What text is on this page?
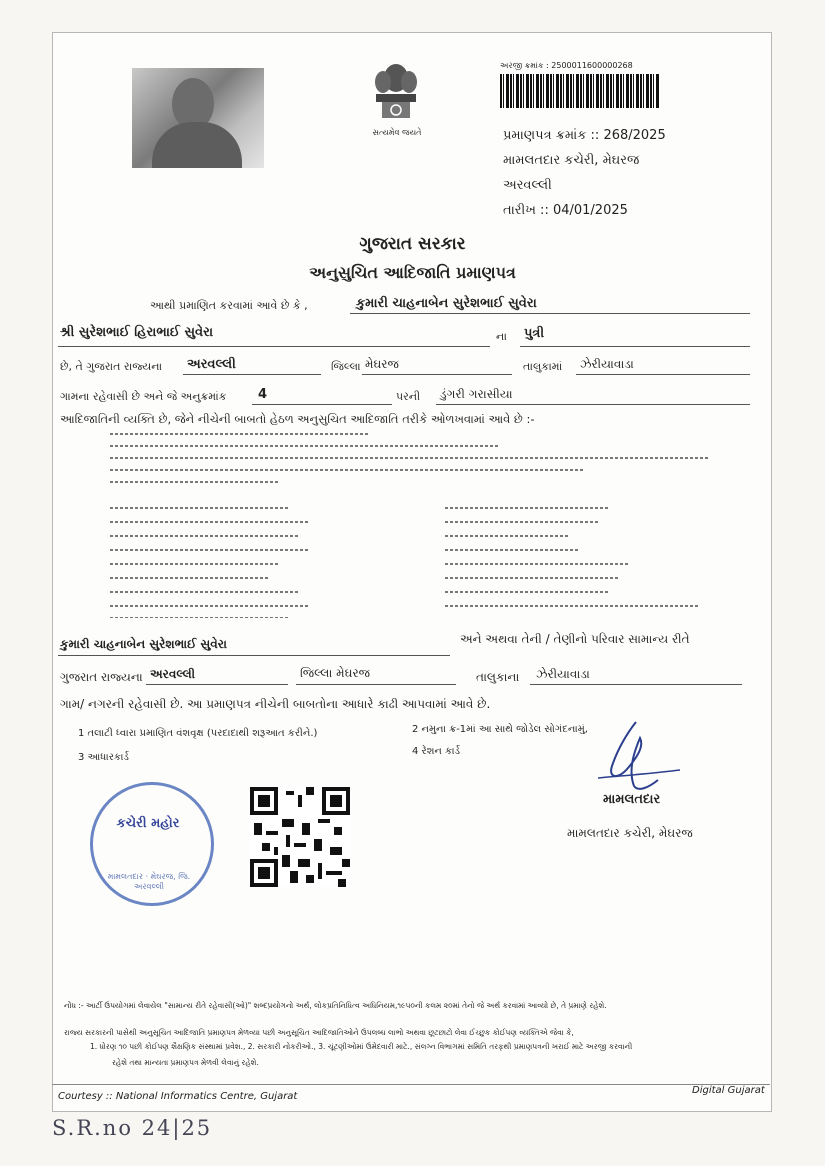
સત્યમેવ જયતે
અરજી ક્રમાંક : 2500011600000268
પ્રમાણપત્ર ક્રમાંક :: 268/2025
મામલતદાર કચેરી, મેઘરજ
અરવલ્લી
તારીખ :: 04/01/2025
ગુજરાત સરકાર
અનુસુચિત આદિજાતિ પ્રમાણપત્ર
આથી પ્રમાણિત કરવામાં આવે છે કે ,	કુમારી ચાહનાબેન સુરેશભાઈ સુવેરા
શ્રી સુરેશભાઈ હિરાભાઈ સુવેરા	ના પુત્રી
છે, તે ગુજરાત રાજ્યના અરવલ્લી	જિલ્લા મેઘરજ	તાલુકામાં ઝેરીયાવાડા
ગામના રહેવાસી છે અને જે અનુક્રમાંક 4	પરની ડુંગરી ગરાસીયા
આદિજાતિની વ્યક્તિ છે, જેને નીચેની બાબતો હેઠળ અનુસુચિત આદિજાતિ તરીકે ઓળખવામાં આવે છે :-
કુમારી ચાહનાબેન સુરેશભાઈ સુવેરા	અને અથવા તેની / તેણીનો પરિવાર સામાન્ય રીતે
ગુજરાત રાજ્યના અરવલ્લી	જિલ્લા મેઘરજ	તાલુકાના ઝેરીયાવાડા
ગામ/ નગરની રહેવાસી છે. આ પ્રમાણપત્ર નીચેની બાબતોના આધારે કાઢી આપવામાં આવે છે.
1 તલાટી ધ્વારા પ્રમાણિત વંશવૃક્ષ (પરદાદાથી શરૂઆત કરીને.)	2 નમુના ક્ર-1માં આ સાથે જોડેલ સોગંદનામું,
3 આધારકાર્ડ
4 રેશન કાર્ડ
કચેરી મહોર
મામલતદાર · મેઘરજ, જિ. અરવલ્લી
મામલતદાર
મામલતદાર કચેરી, મેઘરજ
નોંધ :- આર્ટી ઉપયોગમાં લેવાયેલ "સામાન્ય રીતે રહેવાસી(ઓ)" શબ્દપ્રયોગનો અર્થ, લોકપ્રતિનિધિત્વ અધિનિયમ,૧૯૫૦ની કલમ ૨૦માં તેનો જે અર્થ કરવામાં આવ્યો છે, તે પ્રમાણે રહેશે.
રાજ્ય સરકારની પાસેથી અનુસૂચિત આદિજાતિ પ્રમાણપત્ર મેળવ્યા પછી અનુસૂચિત આદિજાતિઓને ઉપલબ્ધ લાભો અથવા છૂટછાટો લેવા ઈચ્છુક કોઈપણ વ્યક્તિએ જેવા કે,
1. ધોરણ ૧૦ પછી કોઈપણ શૈક્ષણિક સંસ્થામાં પ્રવેશ., 2. સરકારી નોકરીઓ., 3. ચૂંટણીઓમાં ઉમેદવારી માટે., સંલગ્ન વિભાગમાં સમિતિ તરફથી પ્રમાણપત્રની ખરાઈ માટે અરજી કરવાની
રહેશે તથા માન્યતા પ્રમાણપત્ર મેળવી લેવાનું રહેશે.
Courtesy :: National Informatics Centre, Gujarat
Digital Gujarat
S.R.no 24|25
